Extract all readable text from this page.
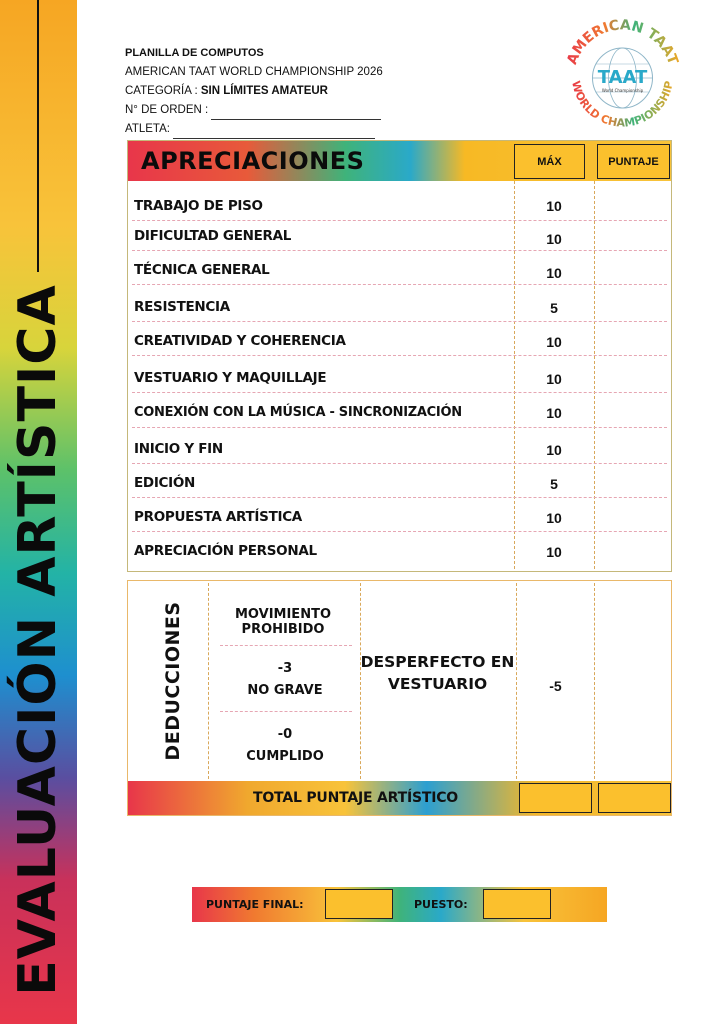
EVALUACIÓN ARTÍSTICA
PLANILLA DE COMPUTOS
AMERICAN TAAT WORLD CHAMPIONSHIP 2026
CATEGORÍA : SIN LÍMITES AMATEUR
N° DE ORDEN :
ATLETA:
AMERICAN TAAT
WORLD CHAMPIONSHIP
TAAT
World Championship
APRECIACIONES	MÁX	PUNTAJE
TRABAJO DE PISO	10
DIFICULTAD GENERAL	10
TÉCNICA GENERAL	10
RESISTENCIA	5
CREATIVIDAD Y COHERENCIA	10
VESTUARIO Y MAQUILLAJE	10
CONEXIÓN CON LA MÚSICA - SINCRONIZACIÓN	10
INICIO Y FIN	10
EDICIÓN	5
PROPUESTA ARTÍSTICA	10
APRECIACIÓN PERSONAL	10
DEDUCCIONES	MOVIMIENTO PROHIBIDO
-3
NO GRAVE
-0
CUMPLIDO
DESPERFECTO EN VESTUARIO	-5
TOTAL PUNTAJE ARTÍSTICO
PUNTAJE FINAL:	PUESTO:
